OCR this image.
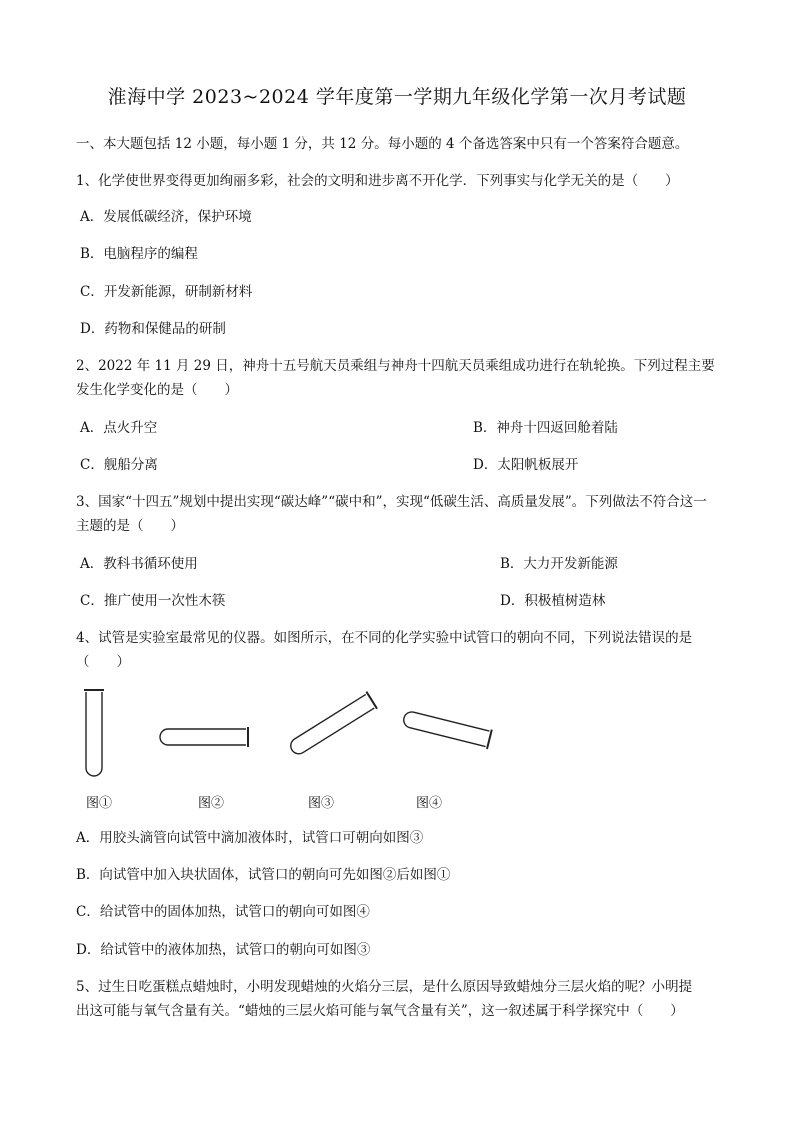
淮海中学 2023~2024 学年度第一学期九年级化学第一次月考试题
一、本大题包括 12 小题，每小题 1 分，共 12 分。每小题的 4 个备选答案中只有一个答案符合题意。
1、化学使世界变得更加绚丽多彩，社会的文明和进步离不开化学．下列事实与化学无关的是（　　）
A．发展低碳经济，保护环境
B．电脑程序的编程
C．开发新能源，研制新材料
D．药物和保健品的研制
2、2022 年 11 月 29 日，神舟十五号航天员乘组与神舟十四航天员乘组成功进行在轨轮换。下列过程主要
发生化学变化的是（　　）
A．点火升空	B．神舟十四返回舱着陆
C．舰船分离	D．太阳帆板展开
3、国家“十四五”规划中提出实现“碳达峰”“碳中和”，实现“低碳生活、高质量发展”。下列做法不符合这一
主题的是（　　）
A．教科书循环使用	B．大力开发新能源
C．推广使用一次性木筷	D．积极植树造林
4、试管是实验室最常见的仪器。如图所示，在不同的化学实验中试管口的朝向不同，下列说法错误的是
（　　）
图①	图②	图③	图④
A．用胶头滴管向试管中滴加液体时，试管口可朝向如图③
B．向试管中加入块状固体，试管口的朝向可先如图②后如图①
C．给试管中的固体加热，试管口的朝向可如图④
D．给试管中的液体加热，试管口的朝向可如图③
5、过生日吃蛋糕点蜡烛时，小明发现蜡烛的火焰分三层，是什么原因导致蜡烛分三层火焰的呢？小明提
出这可能与氧气含量有关。“蜡烛的三层火焰可能与氧气含量有关”，这一叙述属于科学探究中（　　）
